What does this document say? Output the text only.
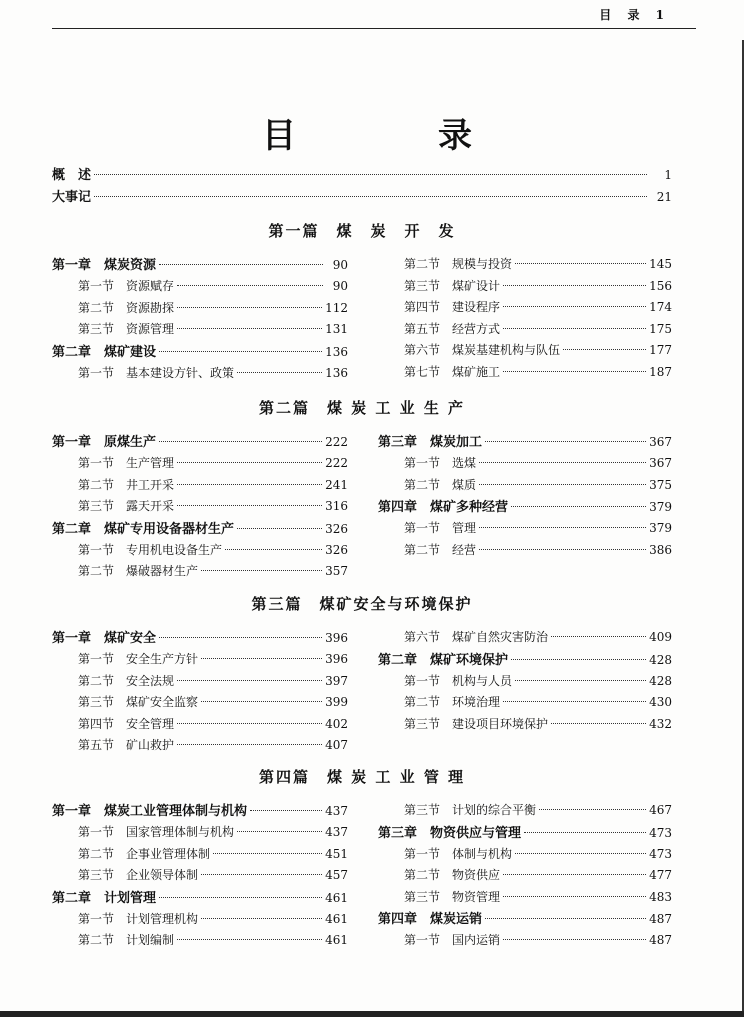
目 录 1
目	录
概　述	1
大事记	21
第一篇　煤　炭　开　发
第一章　煤炭资源	90
第一节　资源赋存	90
第二节　资源勘探	112
第三节　资源管理	131
第二章　煤矿建设	136
第一节　基本建设方针、政策	136
第二节　规模与投资	145
第三节　煤矿设计	156
第四节　建设程序	174
第五节　经营方式	175
第六节　煤炭基建机构与队伍	177
第七节　煤矿施工	187
第二篇　煤 炭 工 业 生 产
第一章　原煤生产	222
第一节　生产管理	222
第二节　井工开采	241
第三节　露天开采	316
第二章　煤矿专用设备器材生产	326
第一节　专用机电设备生产	326
第二节　爆破器材生产	357
第三章　煤炭加工	367
第一节　选煤	367
第二节　煤质	375
第四章　煤矿多种经营	379
第一节　管理	379
第二节　经营	386
第三篇　煤矿安全与环境保护
第一章　煤矿安全	396
第一节　安全生产方针	396
第二节　安全法规	397
第三节　煤矿安全监察	399
第四节　安全管理	402
第五节　矿山救护	407
第六节　煤矿自然灾害防治	409
第二章　煤矿环境保护	428
第一节　机构与人员	428
第二节　环境治理	430
第三节　建设项目环境保护	432
第四篇　煤 炭 工 业 管 理
第一章　煤炭工业管理体制与机构	437
第一节　国家管理体制与机构	437
第二节　企事业管理体制	451
第三节　企业领导体制	457
第二章　计划管理	461
第一节　计划管理机构	461
第二节　计划编制	461
第三节　计划的综合平衡	467
第三章　物资供应与管理	473
第一节　体制与机构	473
第二节　物资供应	477
第三节　物资管理	483
第四章　煤炭运销	487
第一节　国内运销	487
